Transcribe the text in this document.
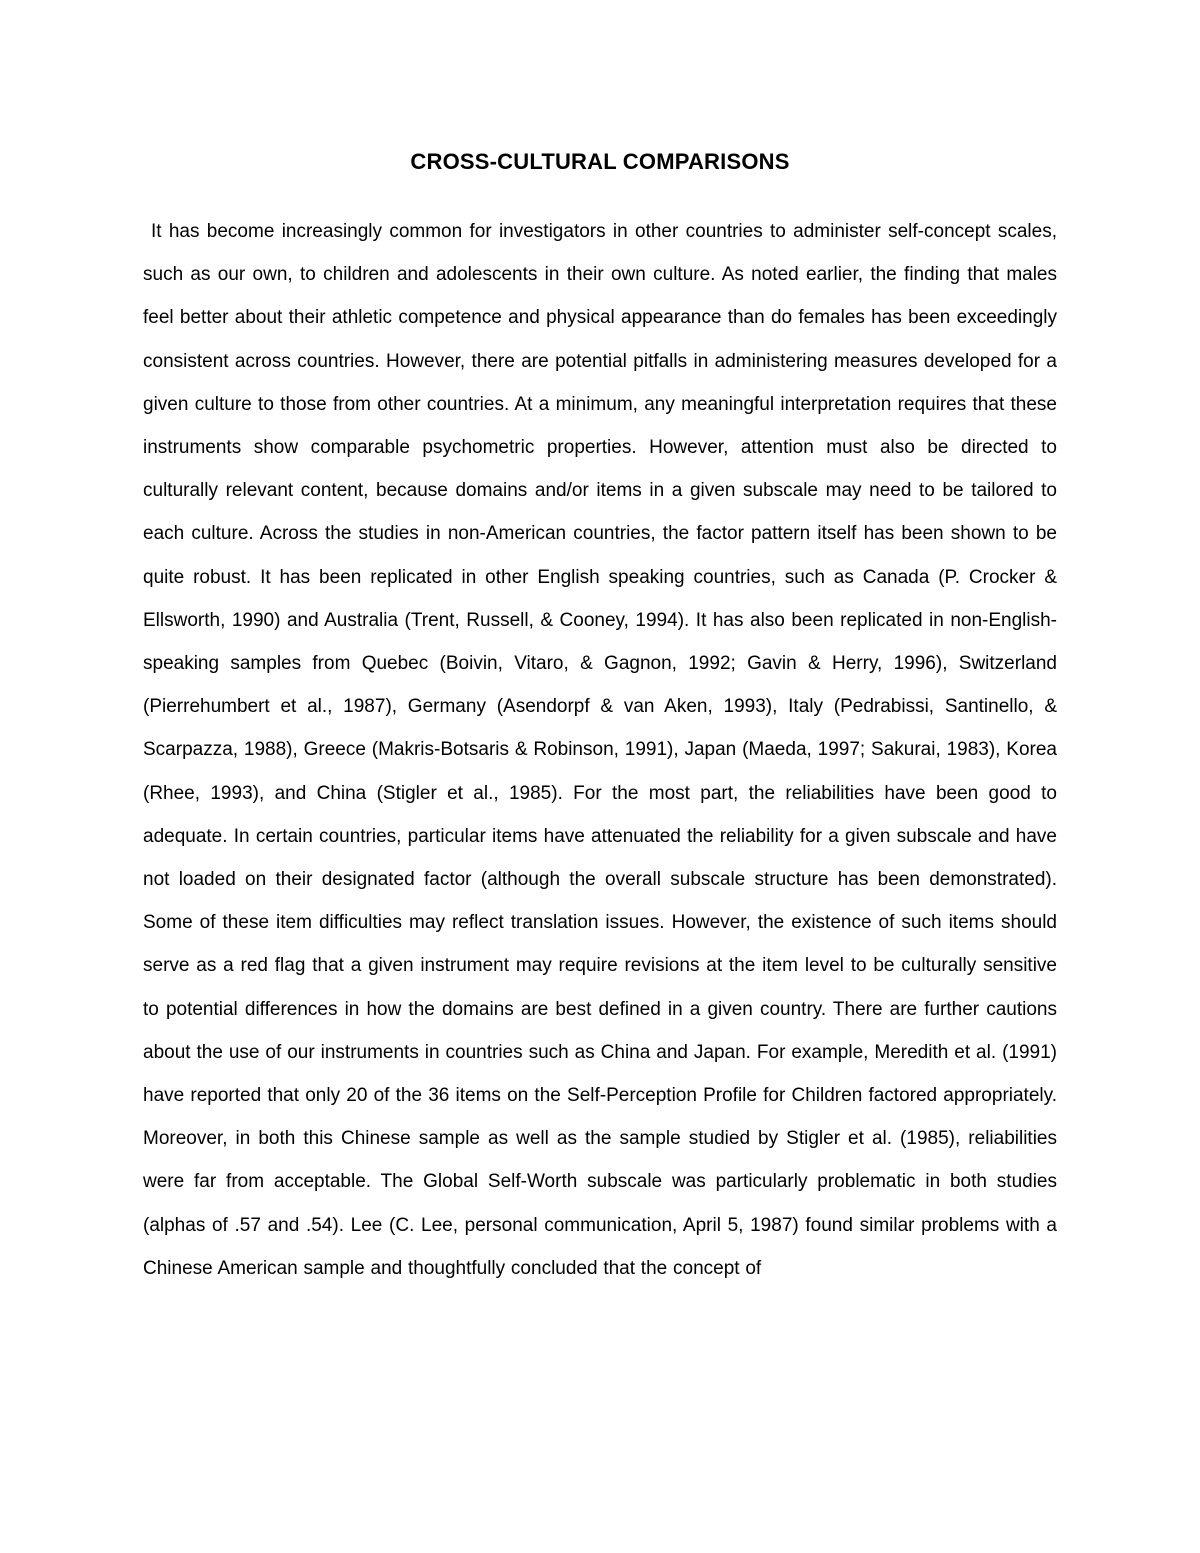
CROSS-CULTURAL COMPARISONS

It has become increasingly common for investigators in other countries to administer self-concept scales, such as our own, to children and adolescents in their own culture. As noted earlier, the finding that males feel better about their athletic competence and physical appearance than do females has been exceedingly consistent across countries. However, there are potential pitfalls in administering measures developed for a given culture to those from other countries. At a minimum, any meaningful interpretation requires that these instruments show comparable psychometric properties. However, attention must also be directed to culturally relevant content, because domains and/or items in a given subscale may need to be tailored to each culture. Across the studies in non-American countries, the factor pattern itself has been shown to be quite robust. It has been replicated in other English speaking countries, such as Canada (P. Crocker & Ellsworth, 1990) and Australia (Trent, Russell, & Cooney, 1994). It has also been replicated in non-English-speaking samples from Quebec (Boivin, Vitaro, & Gagnon, 1992; Gavin & Herry, 1996), Switzerland (Pierrehumbert et al., 1987), Germany (Asendorpf & van Aken, 1993), Italy (Pedrabissi, Santinello, & Scarpazza, 1988), Greece (Makris-Botsaris & Robinson, 1991), Japan (Maeda, 1997; Sakurai, 1983), Korea (Rhee, 1993), and China (Stigler et al., 1985). For the most part, the reliabilities have been good to adequate. In certain countries, particular items have attenuated the reliability for a given subscale and have not loaded on their designated factor (although the overall subscale structure has been demonstrated). Some of these item difficulties may reflect translation issues. However, the existence of such items should serve as a red flag that a given instrument may require revisions at the item level to be culturally sensitive to potential differences in how the domains are best defined in a given country. There are further cautions about the use of our instruments in countries such as China and Japan. For example, Meredith et al. (1991) have reported that only 20 of the 36 items on the Self-Perception Profile for Children factored appropriately. Moreover, in both this Chinese sample as well as the sample studied by Stigler et al. (1985), reliabilities were far from acceptable. The Global Self-Worth subscale was particularly problematic in both studies (alphas of .57 and .54). Lee (C. Lee, personal communication, April 5, 1987) found similar problems with a Chinese American sample and thoughtfully concluded that the concept of
